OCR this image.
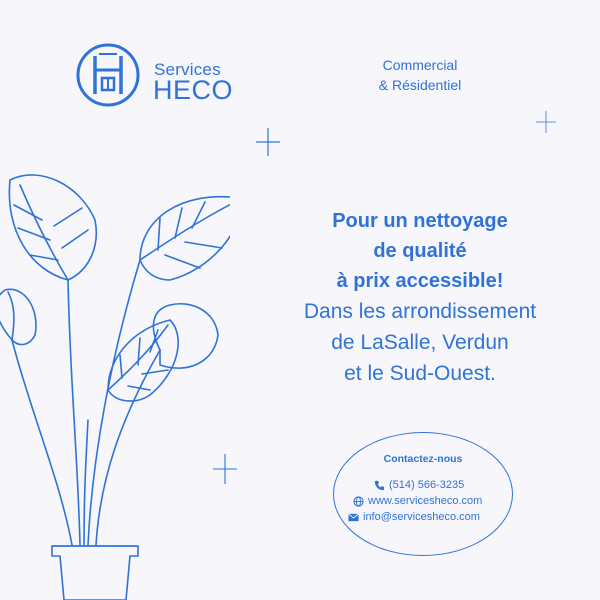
Services
HECO
Commercial
& Résidentiel
Pour un nettoyage
de qualité
à prix accessible!
Dans les arrondissement
de LaSalle, Verdun
et le Sud-Ouest.
Contactez-nous
(514) 566-3235
www.servicesheco.com
info@servicesheco.com
